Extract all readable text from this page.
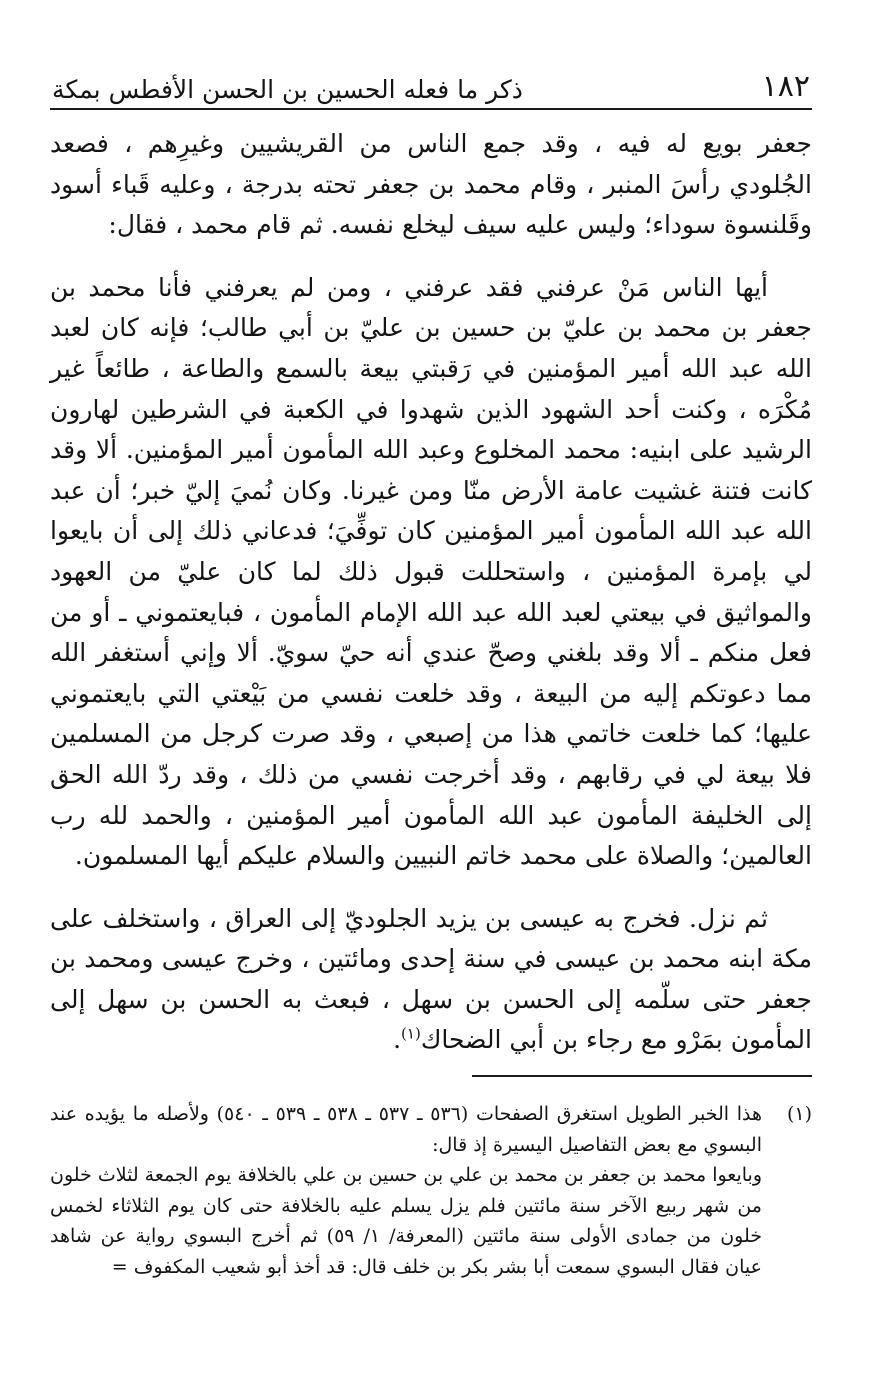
١٨٢
ذكر ما فعله الحسين بن الحسن الأفطس بمكة

جعفر بويع له فيه ، وقد جمع الناس من القريشيين وغيرِهم ، فصعد الجُلودي رأسَ المنبر ، وقام محمد بن جعفر تحته بدرجة ، وعليه قَباء أسود وقَلنسوة سوداء؛ وليس عليه سيف ليخلع نفسه. ثم قام محمد ، فقال:

أيها الناس مَنْ عرفني فقد عرفني ، ومن لم يعرفني فأنا محمد بن جعفر بن محمد بن عليّ بن حسين بن عليّ بن أبي طالب؛ فإنه كان لعبد الله عبد الله أمير المؤمنين في رَقبتي بيعة بالسمع والطاعة ، طائعاً غير مُكْرَه ، وكنت أحد الشهود الذين شهدوا في الكعبة في الشرطين لهارون الرشيد على ابنيه: محمد المخلوع وعبد الله المأمون أمير المؤمنين. ألا وقد كانت فتنة غشيت عامة الأرض منّا ومن غيرنا. وكان نُميَ إليّ خبر؛ أن عبد الله عبد الله المأمون أمير المؤمنين كان توفِّيَ؛ فدعاني ذلك إلى أن بايعوا لي بإمرة المؤمنين ، واستحللت قبول ذلك لما كان عليّ من العهود والمواثيق في بيعتي لعبد الله عبد الله الإمام المأمون ، فبايعتموني ـ أو من فعل منكم ـ ألا وقد بلغني وصحّ عندي أنه حيّ سويّ. ألا وإني أستغفر الله مما دعوتكم إليه من البيعة ، وقد خلعت نفسي من بَيْعتي التي بايعتموني عليها؛ كما خلعت خاتمي هذا من إصبعي ، وقد صرت كرجل من المسلمين فلا بيعة لي في رقابهم ، وقد أخرجت نفسي من ذلك ، وقد ردّ الله الحق إلى الخليفة المأمون عبد الله المأمون أمير المؤمنين ، والحمد لله رب العالمين؛ والصلاة على محمد خاتم النبيين والسلام عليكم أيها المسلمون.

ثم نزل. فخرج به عيسى بن يزيد الجلوديّ إلى العراق ، واستخلف على مكة ابنه محمد بن عيسى في سنة إحدى ومائتين ، وخرج عيسى ومحمد بن جعفر حتى سلّمه إلى الحسن بن سهل ، فبعث به الحسن بن سهل إلى المأمون بمَرْو مع رجاء بن أبي الضحاك$^{(١)}$.

(١)

هذا الخبر الطويل استغرق الصفحات (٥٣٦ ـ ٥٣٧ ـ ٥٣٨ ـ ٥٣٩ ـ ٥٤٠) ولأصله ما يؤيده عند البسوي مع بعض التفاصيل اليسيرة إذ قال:

وبايعوا محمد بن جعفر بن محمد بن علي بن حسين بن علي بالخلافة يوم الجمعة لثلاث خلون من شهر ربيع الآخر سنة مائتين فلم يزل يسلم عليه بالخلافة حتى كان يوم الثلاثاء لخمس خلون من جمادى الأولى سنة مائتين (المعرفة/ ١/ ٥٩) ثم أخرج البسوي رواية عن شاهد عيان فقال البسوي سمعت أبا بشر بكر بن خلف قال: قد أخذ أبو شعيب المكفوف =
